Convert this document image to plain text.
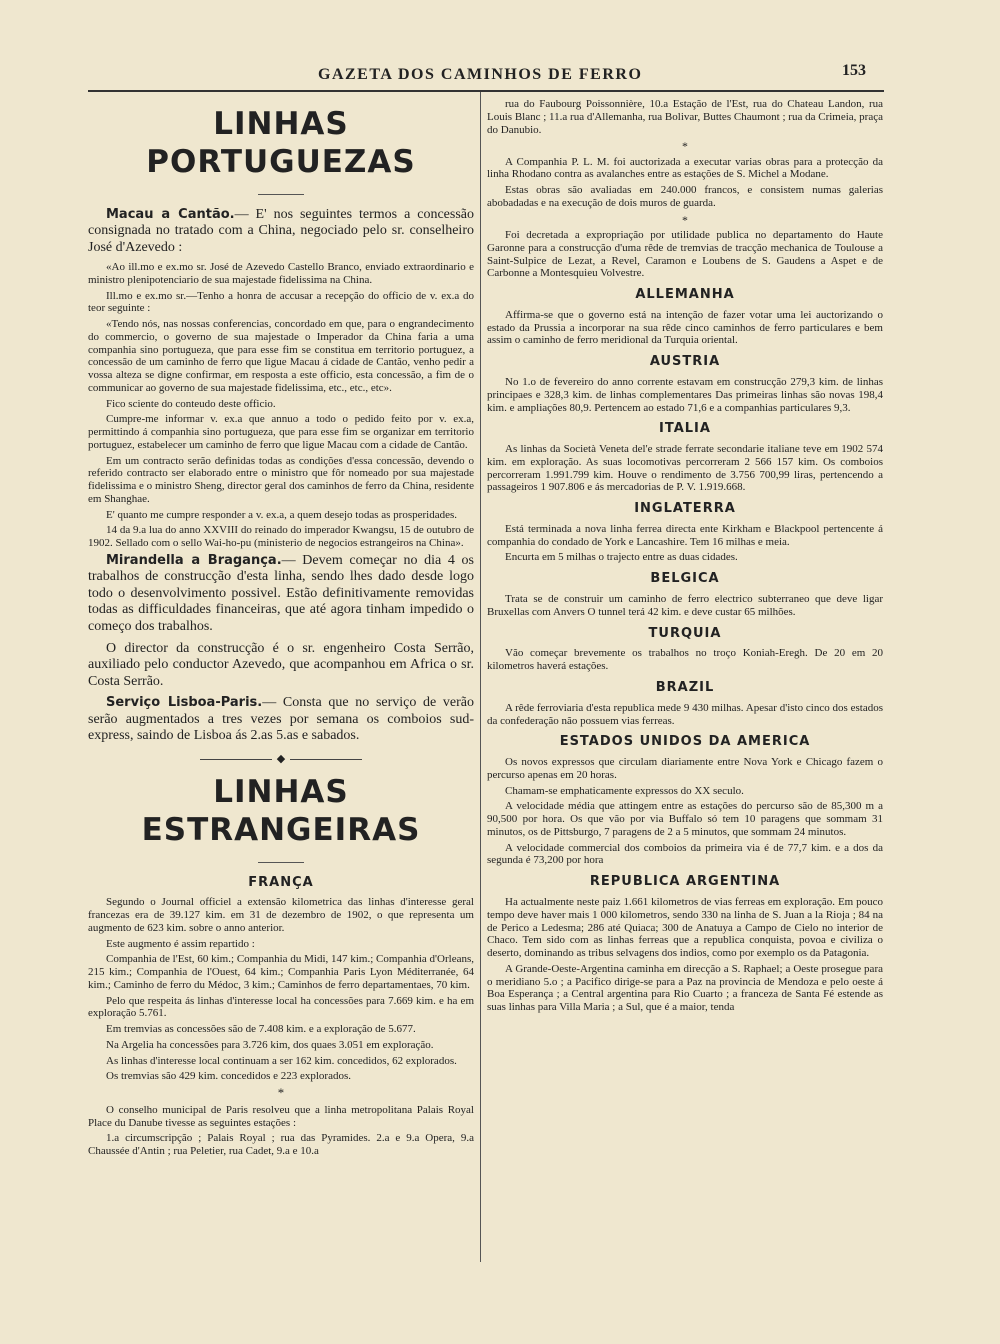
GAZETA DOS CAMINHOS DE FERRO	153
LINHAS PORTUGUEZAS

Macau a Cantão.— E' nos seguintes termos a concessão consignada no tratado com a China, negociado pelo sr. conselheiro José d'Azevedo :

«Ao ill.mo e ex.mo sr. José de Azevedo Castello Branco, enviado extraordinario e ministro plenipotenciario de sua majestade fidelissima na China.

Ill.mo e ex.mo sr.—Tenho a honra de accusar a recepção do officio de v. ex.a do teor seguinte :

«Tendo nós, nas nossas conferencias, concordado em que, para o engrandecimento do commercio, o governo de sua majestade o Imperador da China faria a uma companhia sino portugueza, que para esse fim se constitua em territorio portuguez, a concessão de um caminho de ferro que ligue Macau á cidade de Cantão, venho pedir a vossa alteza se digne confirmar, em resposta a este officio, esta concessão, a fim de o communicar ao governo de sua majestade fidelissima, etc., etc., etc».

Fico sciente do conteudo deste officio.

Cumpre-me informar v. ex.a que annuo a todo o pedido feito por v. ex.a, permittindo á companhia sino portugueza, que para esse fim se organizar em territorio portuguez, estabelecer um caminho de ferro que ligue Macau com a cidade de Cantão.

Em um contracto serão definidas todas as condições d'essa concessão, devendo o referido contracto ser elaborado entre o ministro que fôr nomeado por sua majestade fidelissima e o ministro Sheng, director geral dos caminhos de ferro da China, residente em Shanghae.

E' quanto me cumpre responder a v. ex.a, a quem desejo todas as prosperidades.

14 da 9.a lua do anno XXVIII do reinado do imperador Kwangsu, 15 de outubro de 1902. Sellado com o sello Wai-ho-pu (ministerio de negocios estrangeiros na China».

Mirandella a Bragança.— Devem começar no dia 4 os trabalhos de construcção d'esta linha, sendo lhes dado desde logo todo o desenvolvimento possivel. Estão definitivamente removidas todas as difficuldades financeiras, que até agora tinham impedido o começo dos trabalhos.

O director da construcção é o sr. engenheiro Costa Serrão, auxiliado pelo conductor Azevedo, que acompanhou em Africa o sr. Costa Serrão.

Serviço Lisboa-Paris.— Consta que no serviço de verão serão augmentados a tres vezes por semana os comboios sud-express, saindo de Lisboa ás 2.as 5.as e sabados.

◆
LINHAS ESTRANGEIRAS
FRANÇA

Segundo o Journal officiel a extensão kilometrica das linhas d'interesse geral francezas era de 39.127 kim. em 31 de dezembro de 1902, o que representa um augmento de 623 kim. sobre o anno anterior.

Este augmento é assim repartido :

Companhia de l'Est, 60 kim.; Companhia du Midi, 147 kim.; Companhia d'Orleans, 215 kim.; Companhia de l'Ouest, 64 kim.; Companhia Paris Lyon Méditerranée, 64 kim.; Caminho de ferro du Médoc, 3 kim.; Caminhos de ferro departamentaes, 70 kim.

Pelo que respeita ás linhas d'interesse local ha concessões para 7.669 kim. e ha em exploração 5.761.

Em tremvias as concessões são de 7.408 kim. e a exploração de 5.677.

Na Argelia ha concessões para 3.726 kim, dos quaes 3.051 em exploração.

As linhas d'interesse local continuam a ser 162 kim. concedidos, 62 explorados.

Os tremvias são 429 kim. concedidos e 223 explorados.

*

O conselho municipal de Paris resolveu que a linha metropolitana Palais Royal Place du Danube tivesse as seguintes estações :

1.a circumscripção ; Palais Royal ; rua das Pyramides. 2.a e 9.a Opera, 9.a Chaussée d'Antin ; rua Peletier, rua Cadet, 9.a e 10.a

rua do Faubourg Poissonnière, 10.a Estação de l'Est, rua do Chateau Landon, rua Louis Blanc ; 11.a rua d'Allemanha, rua Bolivar, Buttes Chaumont ; rua da Crimeia, praça do Danubio.

*

A Companhia P. L. M. foi auctorizada a executar varias obras para a protecção da linha Rhodano contra as avalanches entre as estações de S. Michel a Modane.

Estas obras são avaliadas em 240.000 francos, e consistem numas galerias abobadadas e na execução de dois muros de guarda.

*

Foi decretada a expropriação por utilidade publica no departamento do Haute Garonne para a construcção d'uma rêde de tremvias de tracção mechanica de Toulouse a Saint-Sulpice de Lezat, a Revel, Caramon e Loubens de S. Gaudens a Aspet e de Carbonne a Montesquieu Volvestre.

ALLEMANHA

Affirma-se que o governo está na intenção de fazer votar uma lei auctorizando o estado da Prussia a incorporar na sua rêde cinco caminhos de ferro particulares e bem assim o caminho de ferro meridional da Turquia oriental.

AUSTRIA

No 1.o de fevereiro do anno corrente estavam em construcção 279,3 kim. de linhas principaes e 328,3 kim. de linhas complementares Das primeiras linhas são novas 198,4 kim. e ampliações 80,9. Pertencem ao estado 71,6 e a companhias particulares 9,3.

ITALIA

As linhas da Società Veneta del'e strade ferrate secondarie italiane teve em 1902 574 kim. em exploração. As suas locomotivas percorreram 2 566 157 kim. Os comboios percorreram 1.991.799 kim. Houve o rendimento de 3.756 700,99 liras, pertencendo a passageiros 1 907.806 e ás mercadorias de P. V. 1.919.668.

INGLATERRA

Está terminada a nova linha ferrea directa ente Kirkham e Blackpool pertencente á companhia do condado de York e Lancashire. Tem 16 milhas e meia.

Encurta em 5 milhas o trajecto entre as duas cidades.

BELGICA

Trata se de construir um caminho de ferro electrico subterraneo que deve ligar Bruxellas com Anvers O tunnel terá 42 kim. e deve custar 65 milhões.

TURQUIA

Vão começar brevemente os trabalhos no troço Koniah-Eregh. De 20 em 20 kilometros haverá estações.

BRAZIL

A rêde ferroviaria d'esta republica mede 9 430 milhas. Apesar d'isto cinco dos estados da confederação não possuem vias ferreas.

ESTADOS UNIDOS DA AMERICA

Os novos expressos que circulam diariamente entre Nova York e Chicago fazem o percurso apenas em 20 horas.

Chamam-se emphaticamente expressos do XX seculo.

A velocidade média que attingem entre as estações do percurso são de 85,300 m a 90,500 por hora. Os que vão por via Buffalo só tem 10 paragens que sommam 31 minutos, os de Pittsburgo, 7 paragens de 2 a 5 minutos, que sommam 24 minutos.

A velocidade commercial dos comboios da primeira via é de 77,7 kim. e a dos da segunda é 73,200 por hora

REPUBLICA ARGENTINA

Ha actualmente neste paiz 1.661 kilometros de vias ferreas em exploração. Em pouco tempo deve haver mais 1 000 kilometros, sendo 330 na linha de S. Juan a la Rioja ; 84 na de Perico a Ledesma; 286 até Quiaca; 300 de Anatuya a Campo de Cielo no interior de Chaco. Tem sido com as linhas ferreas que a republica conquista, povoa e civiliza o deserto, dominando as tribus selvagens dos indios, como por exemplo os da Patagonia.

A Grande-Oeste-Argentina caminha em direcção a S. Raphael; a Oeste prosegue para o meridiano 5.o ; a Pacifico dirige-se para a Paz na provincia de Mendoza e pelo oeste á Boa Esperança ; a Central argentina para Rio Cuarto ; a franceza de Santa Fé estende as suas linhas para Villa Maria ; a Sul, que é a maior, tenda
